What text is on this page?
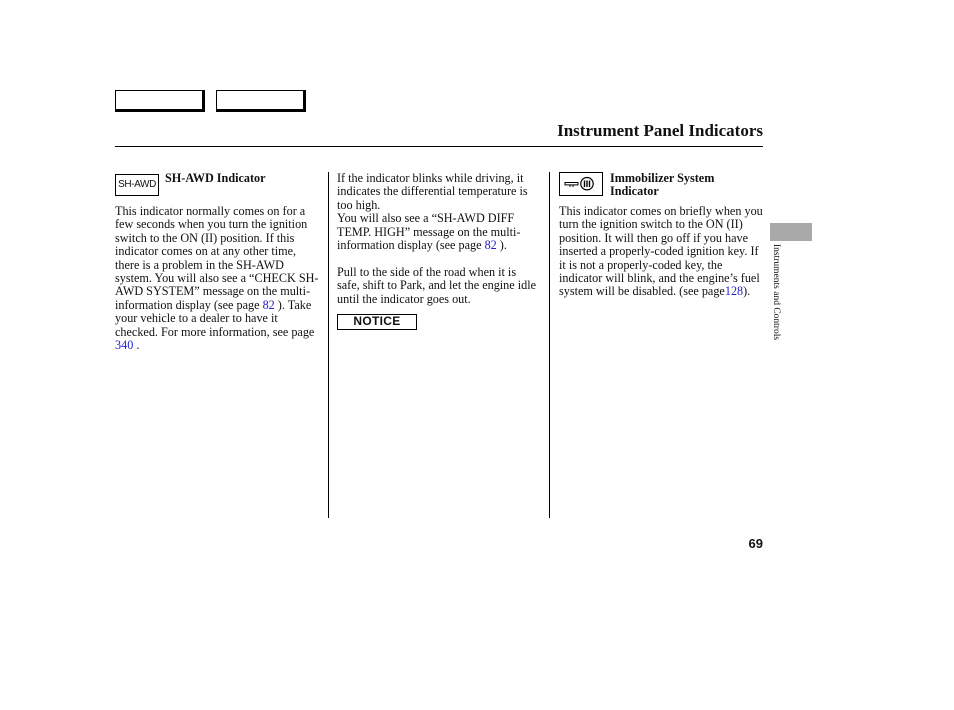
Instrument Panel Indicators
SH-AWD SH-AWD Indicator

This indicator normally comes on for a few seconds when you turn the ignition switch to the ON (II) position. If this indicator comes on at any other time, there is a problem in the SH-AWD system. You will also see a “CHECK SH-AWD SYSTEM” message on the multi-information display (see page 82 ). Take your vehicle to a dealer to have it checked. For more information, see page 340 .

If the indicator blinks while driving, it indicates the differential temperature is too high.

You will also see a “SH-AWD DIFF TEMP. HIGH” message on the multi-information display (see page 82 ).

Pull to the side of the road when it is safe, shift to Park, and let the engine idle until the indicator goes out.

NOTICE
Immobilizer System
Indicator

This indicator comes on briefly when you turn the ignition switch to the ON (II) position. It will then go off if you have inserted a properly-coded ignition key. If it is not a properly-coded key, the indicator will blink, and the engine’s fuel system will be disabled. (see page128).	Instruments and Controls
69
